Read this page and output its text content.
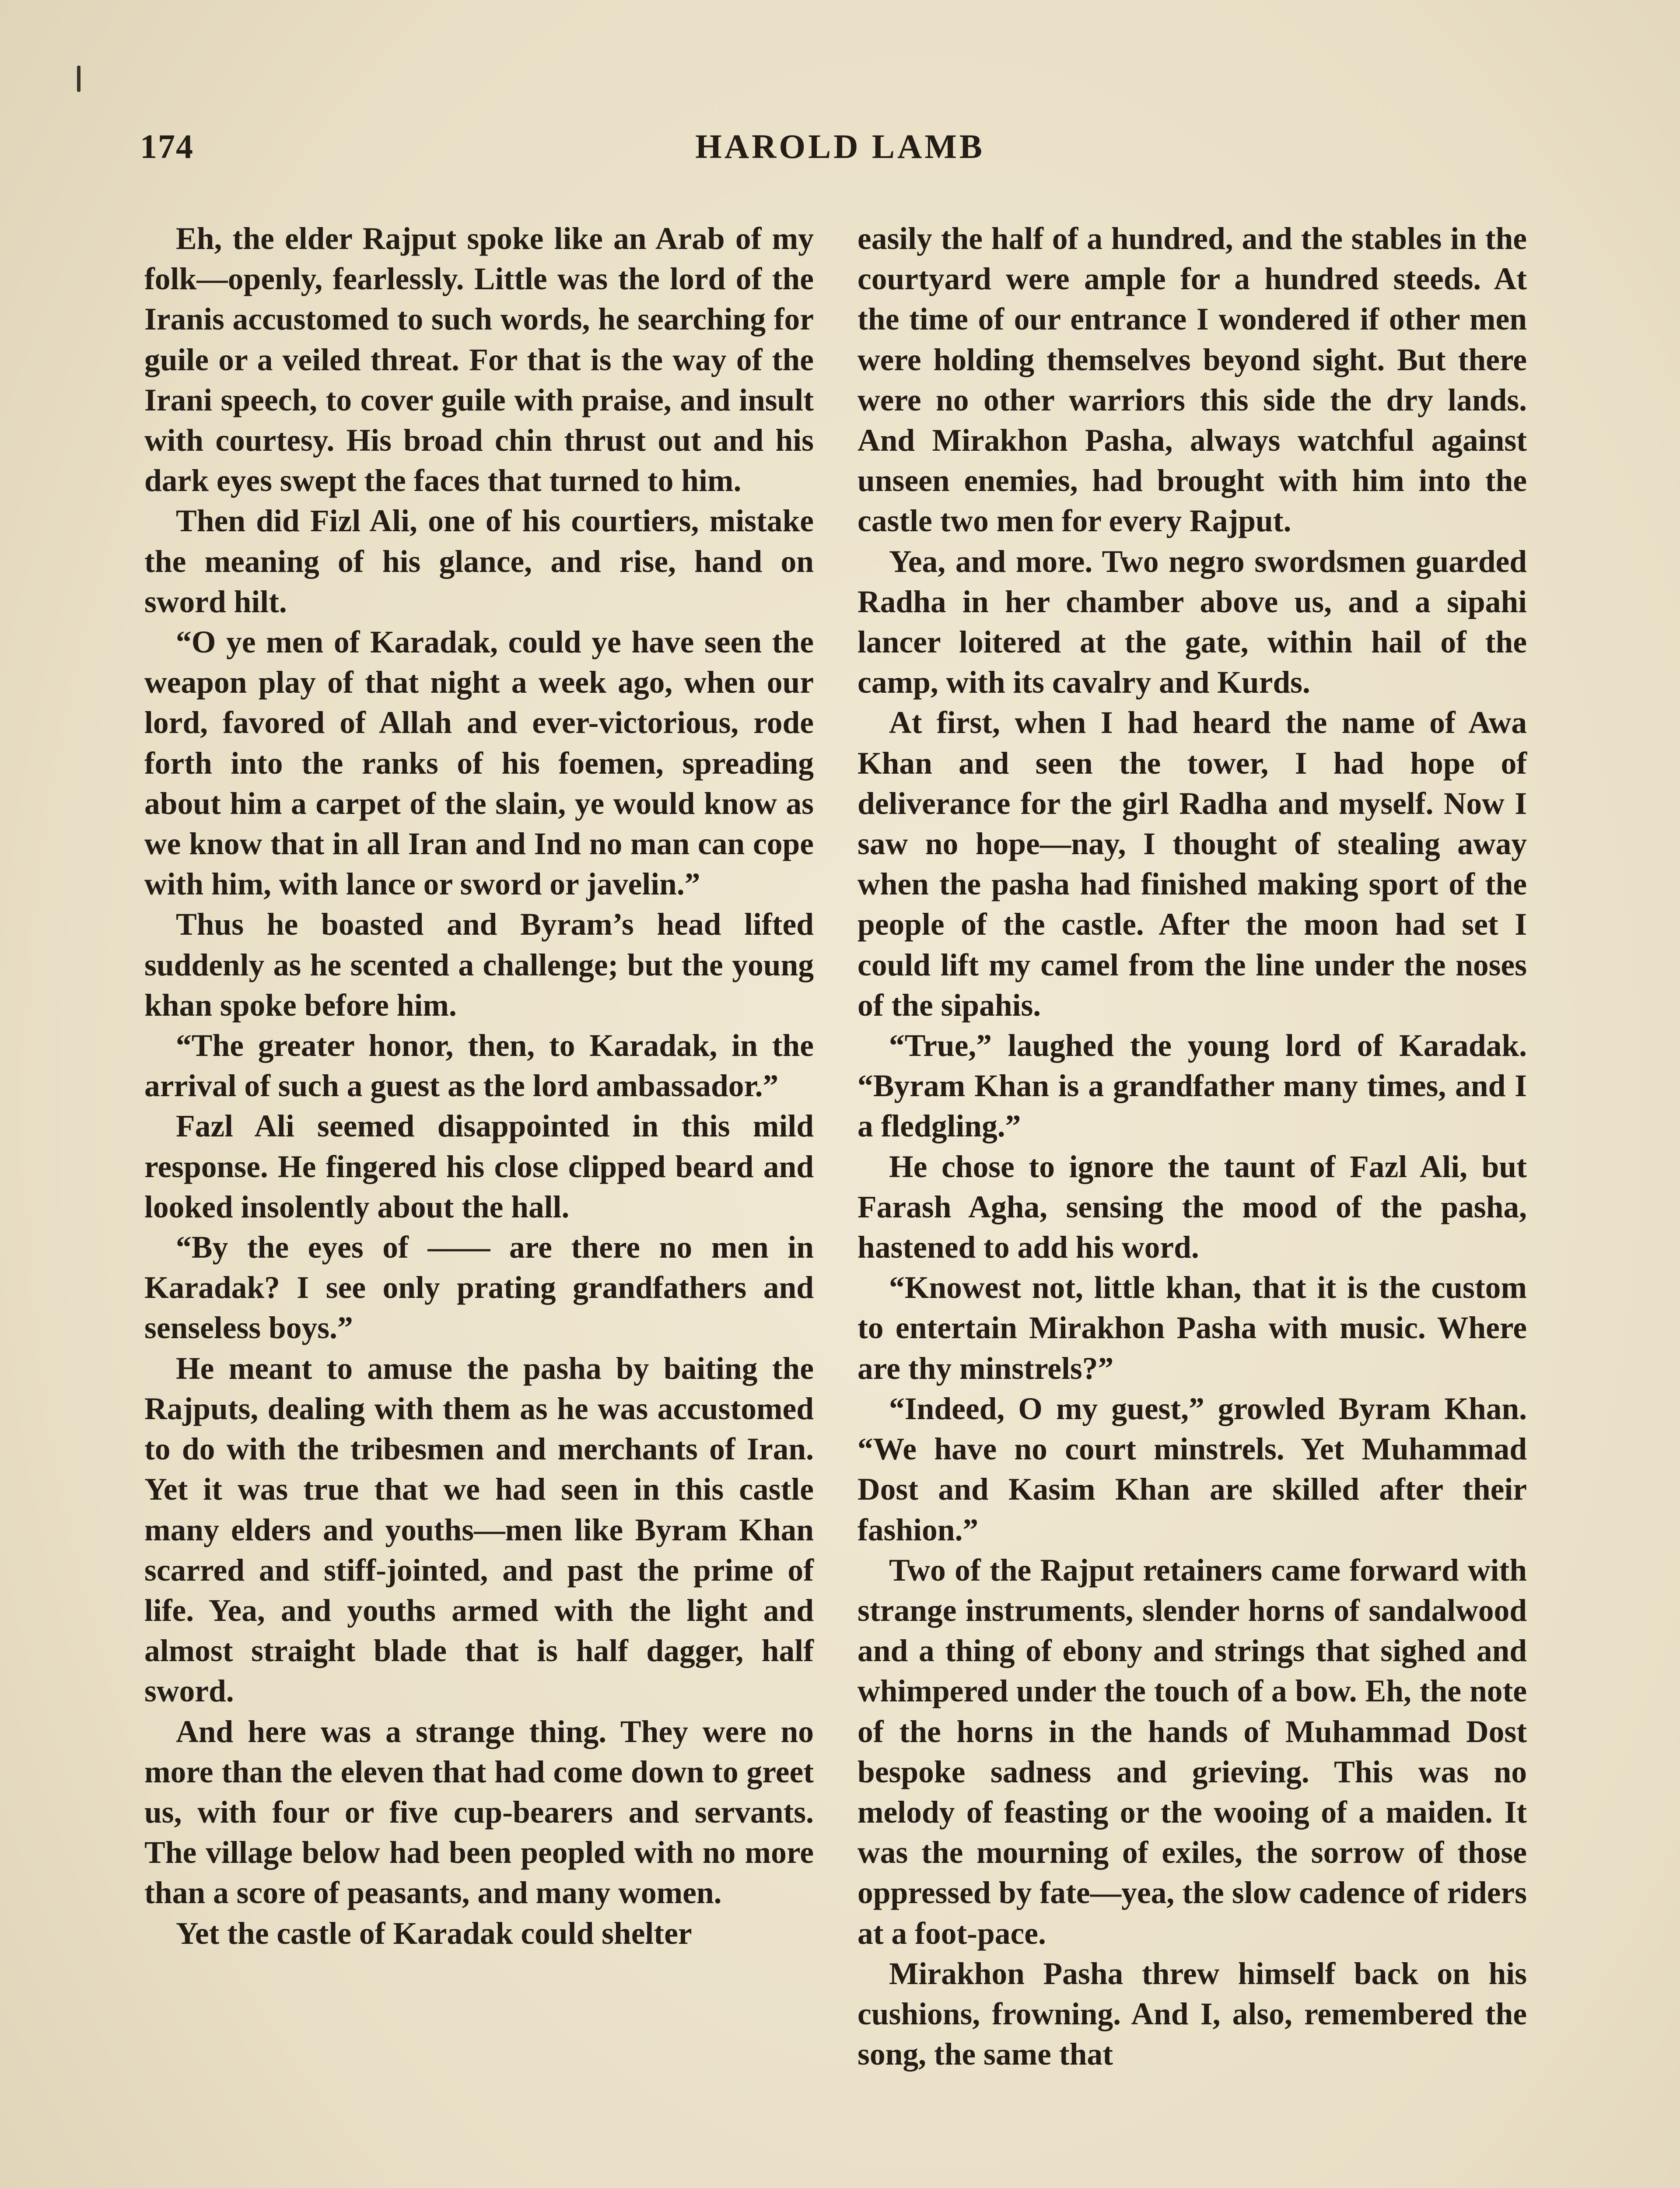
174	HAROLD LAMB

Eh, the elder Rajput spoke like an Arab of my folk—openly, fearlessly. Little was the lord of the Iranis accustomed to such words, he searching for guile or a veiled threat. For that is the way of the Irani speech, to cover guile with praise, and insult with courtesy. His broad chin thrust out and his dark eyes swept the faces that turned to him.

Then did Fizl Ali, one of his courtiers, mistake the meaning of his glance, and rise, hand on sword hilt.

“O ye men of Karadak, could ye have seen the weapon play of that night a week ago, when our lord, favored of Allah and ever-victorious, rode forth into the ranks of his foemen, spreading about him a carpet of the slain, ye would know as we know that in all Iran and Ind no man can cope with him, with lance or sword or javelin.”

Thus he boasted and Byram’s head lifted suddenly as he scented a challenge; but the young khan spoke before him.

“The greater honor, then, to Karadak, in the arrival of such a guest as the lord ambassador.”

Fazl Ali seemed disappointed in this mild response. He fingered his close clipped beard and looked insolently about the hall.

“By the eyes of —— are there no men in Karadak? I see only prating grandfathers and senseless boys.”

He meant to amuse the pasha by baiting the Rajputs, dealing with them as he was accustomed to do with the tribesmen and merchants of Iran. Yet it was true that we had seen in this castle many elders and youths—men like Byram Khan scarred and stiff-jointed, and past the prime of life. Yea, and youths armed with the light and almost straight blade that is half dagger, half sword.

And here was a strange thing. They were no more than the eleven that had come down to greet us, with four or five cup-bearers and servants. The village below had been peopled with no more than a score of peasants, and many women.

Yet the castle of Karadak could shelter

easily the half of a hundred, and the stables in the courtyard were ample for a hundred steeds. At the time of our entrance I wondered if other men were holding themselves beyond sight. But there were no other warriors this side the dry lands. And Mirakhon Pasha, always watchful against unseen enemies, had brought with him into the castle two men for every Rajput.

Yea, and more. Two negro swordsmen guarded Radha in her chamber above us, and a sipahi lancer loitered at the gate, within hail of the camp, with its cavalry and Kurds.

At first, when I had heard the name of Awa Khan and seen the tower, I had hope of deliverance for the girl Radha and myself. Now I saw no hope—nay, I thought of stealing away when the pasha had finished making sport of the people of the castle. After the moon had set I could lift my camel from the line under the noses of the sipahis.

“True,” laughed the young lord of Karadak. “Byram Khan is a grandfather many times, and I a fledgling.”

He chose to ignore the taunt of Fazl Ali, but Farash Agha, sensing the mood of the pasha, hastened to add his word.

“Knowest not, little khan, that it is the custom to entertain Mirakhon Pasha with music. Where are thy minstrels?”

“Indeed, O my guest,” growled Byram Khan. “We have no court minstrels. Yet Muhammad Dost and Kasim Khan are skilled after their fashion.”

Two of the Rajput retainers came forward with strange instruments, slender horns of sandalwood and a thing of ebony and strings that sighed and whimpered under the touch of a bow. Eh, the note of the horns in the hands of Muhammad Dost bespoke sadness and grieving. This was no melody of feasting or the wooing of a maiden. It was the mourning of exiles, the sorrow of those oppressed by fate—yea, the slow cadence of riders at a foot-pace.

Mirakhon Pasha threw himself back on his cushions, frowning. And I, also, remembered the song, the same that
